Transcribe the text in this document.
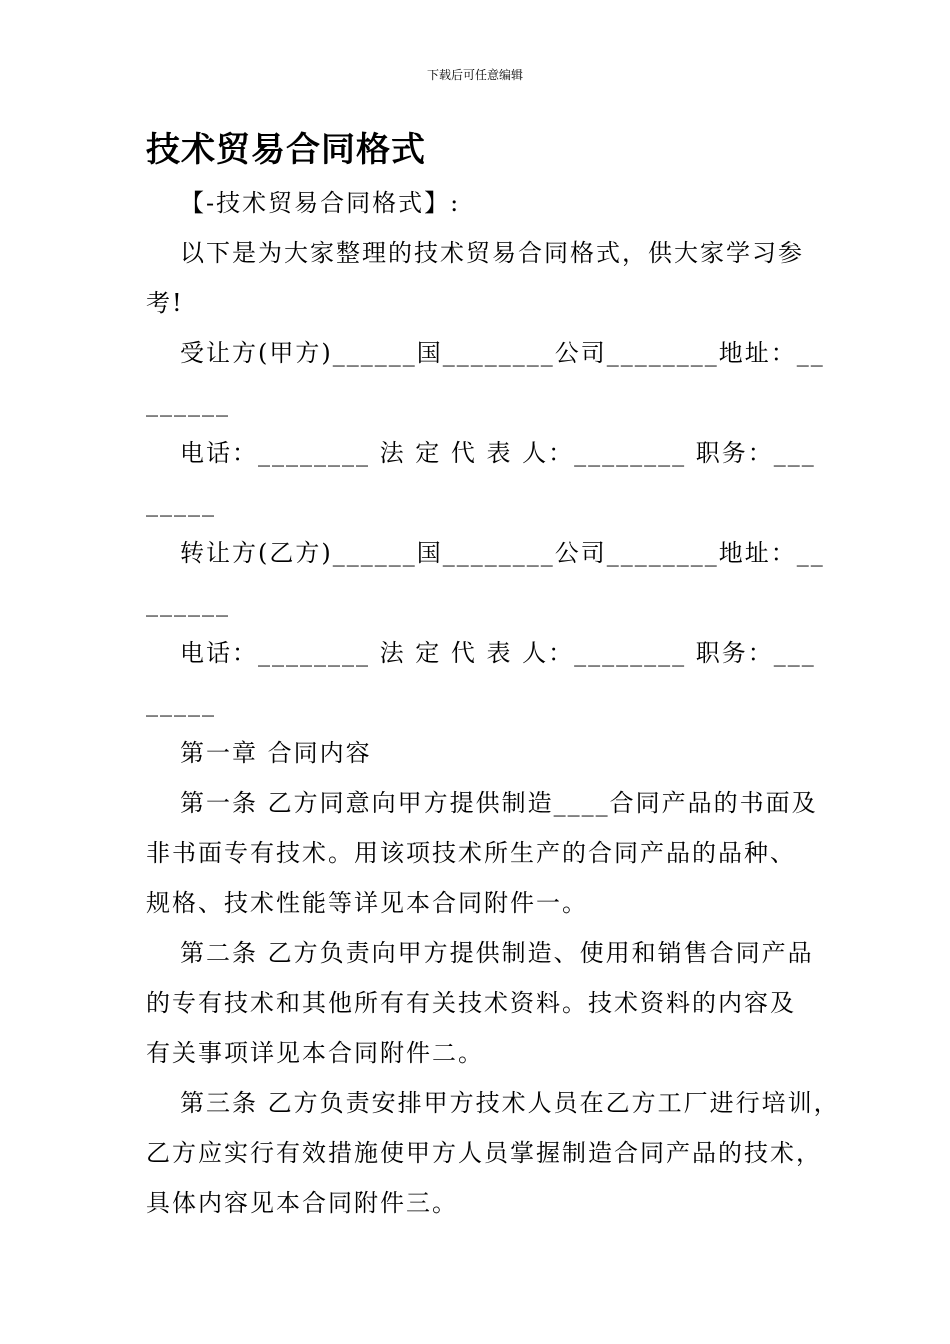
下载后可任意编辑
技术贸易合同格式

【-技术贸易合同格式】:

以下是为大家整理的技术贸易合同格式，供大家学习参
考!

受让方(甲方)______国________公司________地址：__
______

电话：________ 法 定 代 表 人：________ 职务：___
_____

转让方(乙方)______国________公司________地址：__
______

电话：________ 法 定 代 表 人：________ 职务：___
_____

第一章 合同内容

第一条 乙方同意向甲方提供制造____合同产品的书面及
非书面专有技术。用该项技术所生产的合同产品的品种、
规格、技术性能等详见本合同附件一。

第二条 乙方负责向甲方提供制造、使用和销售合同产品
的专有技术和其他所有有关技术资料。技术资料的内容及
有关事项详见本合同附件二。

第三条 乙方负责安排甲方技术人员在乙方工厂进行培训，
乙方应实行有效措施使甲方人员掌握制造合同产品的技术，
具体内容见本合同附件三。
